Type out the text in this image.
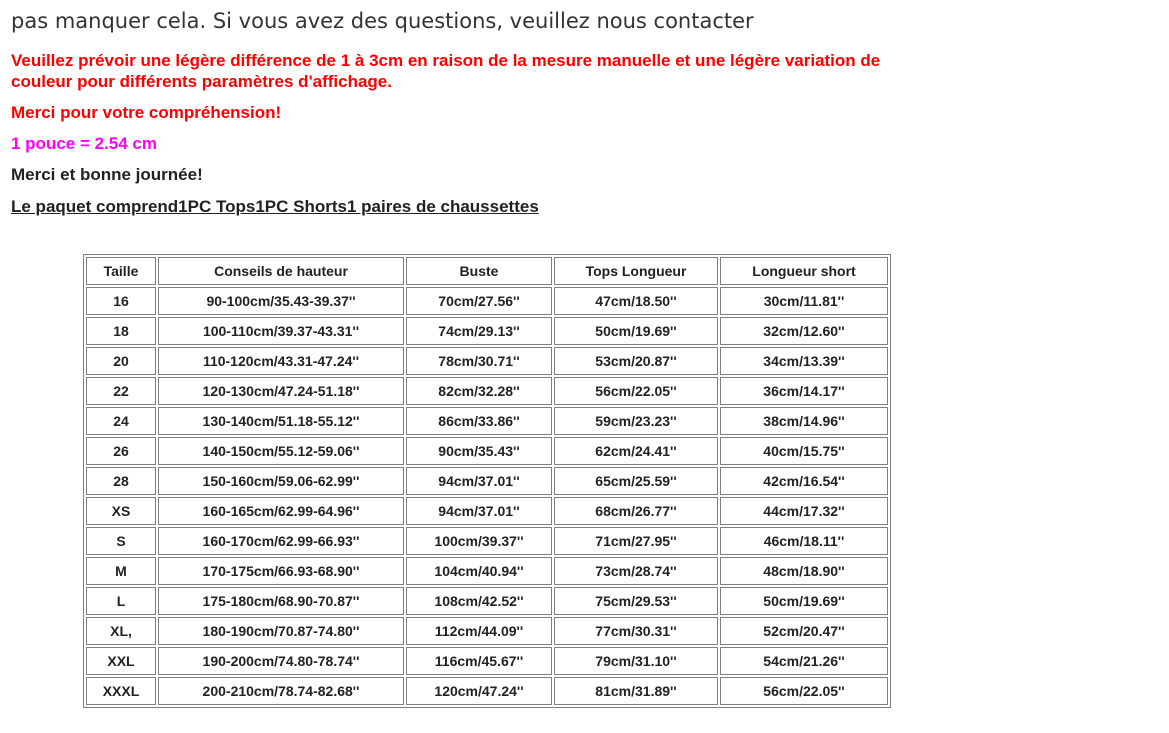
pas manquer cela. Si vous avez des questions, veuillez nous contacter
Veuillez prévoir une légère différence de 1 à 3cm en raison de la mesure manuelle et une légère variation de
couleur pour différents paramètres d'affichage.
Merci pour votre compréhension!
1 pouce = 2.54 cm
Merci et bonne journée!
Le paquet comprend1PC Tops1PC Shorts1 paires de chaussettes
Taille	Conseils de hauteur	Buste	Tops Longueur	Longueur short
16	90-100cm/35.43-39.37''	70cm/27.56''	47cm/18.50''	30cm/11.81''
18	100-110cm/39.37-43.31''	74cm/29.13''	50cm/19.69''	32cm/12.60''
20	110-120cm/43.31-47.24''	78cm/30.71''	53cm/20.87''	34cm/13.39''
22	120-130cm/47.24-51.18''	82cm/32.28''	56cm/22.05''	36cm/14.17''
24	130-140cm/51.18-55.12''	86cm/33.86''	59cm/23.23''	38cm/14.96''
26	140-150cm/55.12-59.06''	90cm/35.43''	62cm/24.41''	40cm/15.75''
28	150-160cm/59.06-62.99''	94cm/37.01''	65cm/25.59''	42cm/16.54''
XS	160-165cm/62.99-64.96''	94cm/37.01''	68cm/26.77''	44cm/17.32''
S	160-170cm/62.99-66.93''	100cm/39.37''	71cm/27.95''	46cm/18.11''
M	170-175cm/66.93-68.90''	104cm/40.94''	73cm/28.74''	48cm/18.90''
L	175-180cm/68.90-70.87''	108cm/42.52''	75cm/29.53''	50cm/19.69''
XL,	180-190cm/70.87-74.80''	112cm/44.09''	77cm/30.31''	52cm/20.47''
XXL	190-200cm/74.80-78.74''	116cm/45.67''	79cm/31.10''	54cm/21.26''
XXXL	200-210cm/78.74-82.68''	120cm/47.24''	81cm/31.89''	56cm/22.05''
